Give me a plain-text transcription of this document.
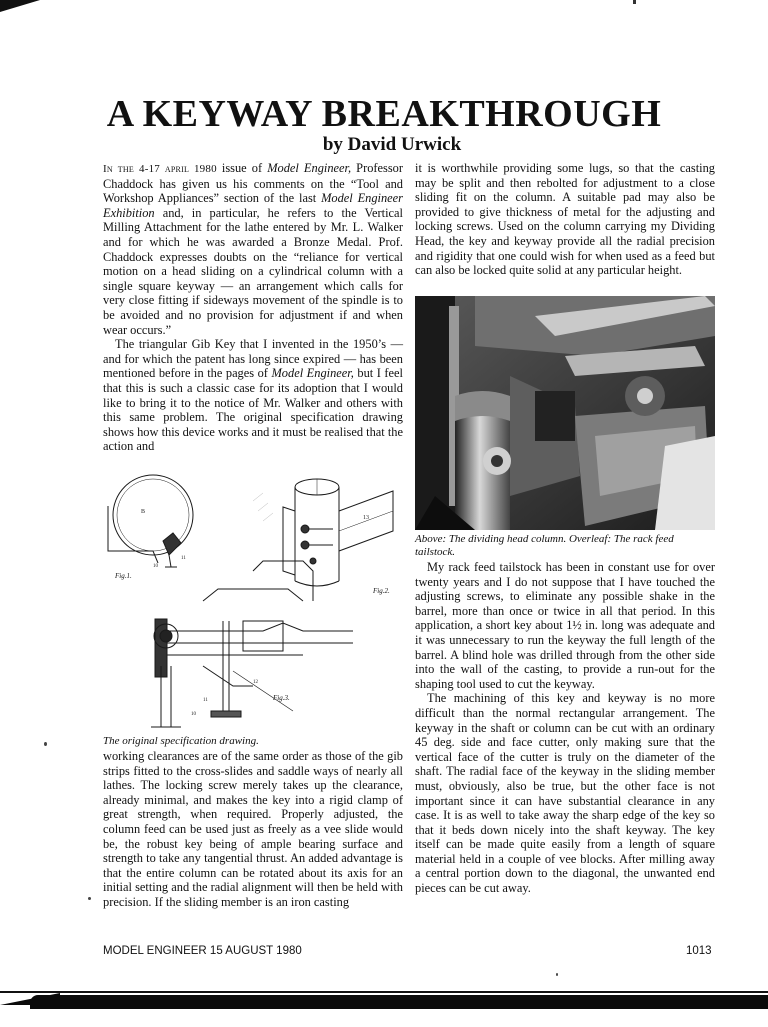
A KEYWAY BREAKTHROUGH
by David Urwick

In the 4-17 april 1980 issue of Model Engineer, Professor Chaddock has given us his comments on the “Tool and Workshop Appliances” section of the last Model Engineer Exhibition and, in particular, he refers to the Vertical Milling Attachment for the lathe entered by Mr. L. Walker and for which he was awarded a Bronze Medal. Prof. Chaddock expresses doubts on the “reliance for vertical motion on a head sliding on a cylindrical column with a single square keyway — an arrangement which calls for very close fitting if sideways movement of the spindle is to be avoided and no provision for adjustment if and when wear occurs.”

The triangular Gib Key that I invented in the 1950’s — and for which the patent has long since expired — has been mentioned before in the pages of Model Engineer, but I feel that this is such a classic case for its adoption that I would like to bring it to the notice of Mr. Walker and others with this same problem. The original specification drawing shows how this device works and it must be realised that the action and

B
10
11
13
10
11
12
Fig.1.
Fig.2.
Fig.3.
The original specification drawing.

working clearances are of the same order as those of the gib strips fitted to the cross-slides and saddle ways of nearly all lathes. The locking screw merely takes up the clearance, already minimal, and makes the key into a rigid clamp of great strength, when required. Properly adjusted, the column feed can be used just as freely as a vee slide would be, the robust key being of ample bearing surface and strength to take any tangential thrust. An added advantage is that the entire column can be rotated about its axis for an initial setting and the radial alignment will then be held with precision. If the sliding member is an iron casting

it is worthwhile providing some lugs, so that the casting may be split and then rebolted for adjustment to a close sliding fit on the column. A suitable pad may also be provided to give thickness of metal for the adjusting and locking screws. Used on the column carrying my Dividing Head, the key and keyway provide all the radial precision and rigidity that one could wish for when used as a feed but can also be locked quite solid at any particular height.

Above: The dividing head column. Overleaf: The rack feed tailstock.

My rack feed tailstock has been in constant use for over twenty years and I do not suppose that I have touched the adjusting screws, to eliminate any possible shake in the barrel, more than once or twice in all that period. In this application, a short key about 1½ in. long was adequate and it was unnecessary to run the keyway the full length of the barrel. A blind hole was drilled through from the other side into the wall of the casting, to provide a run-out for the shaping tool used to cut the keyway.

The machining of this key and keyway is no more difficult than the normal rectangular arrangement. The keyway in the shaft or column can be cut with an ordinary 45 deg. side and face cutter, only making sure that the vertical face of the cutter is truly on the diameter of the shaft. The radial face of the keyway in the sliding member must, obviously, also be true, but the other face is not important since it can have substantial clearance in any case. It is as well to take away the sharp edge of the key so that it beds down nicely into the shaft keyway. The key itself can be made quite easily from a length of square material held in a couple of vee blocks. After milling away a central portion down to the diagonal, the unwanted end pieces can be cut away.

MODEL ENGINEER 15 AUGUST 1980	1013
